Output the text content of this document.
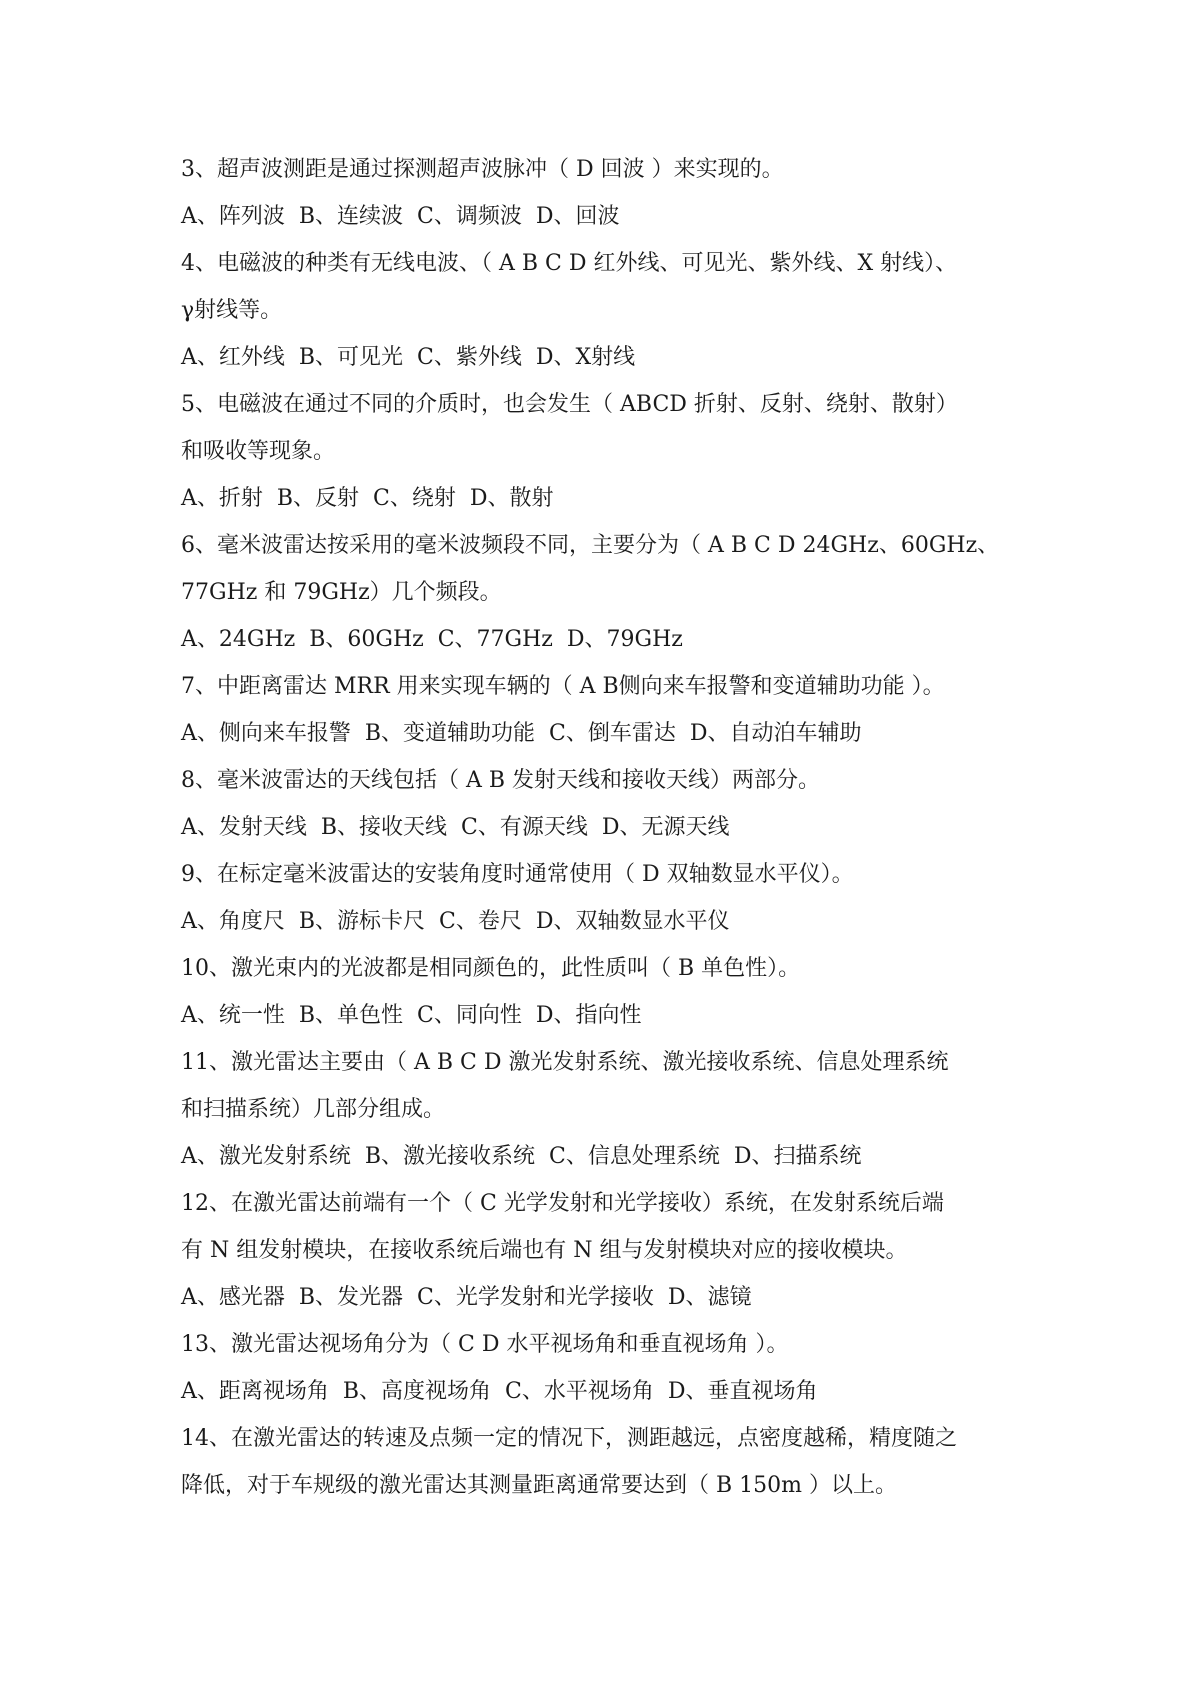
3、超声波测距是通过探测超声波脉冲（ D 回波 ）来实现的。
A、阵列波  B、连续波  C、调频波  D、回波
4、电磁波的种类有无线电波、（ A B C D 红外线、可见光、紫外线、X 射线）、
γ射线等。
A、红外线  B、可见光  C、紫外线  D、X射线
5、电磁波在通过不同的介质时，也会发生（ ABCD 折射、反射、绕射、散射）
和吸收等现象。
A、折射  B、反射  C、绕射  D、散射
6、毫米波雷达按采用的毫米波频段不同，主要分为（ A B C D 24GHz、60GHz、
77GHz 和 79GHz）几个频段。
A、24GHz  B、60GHz  C、77GHz  D、79GHz
7、中距离雷达 MRR 用来实现车辆的（ A B侧向来车报警和变道辅助功能 ）。
A、侧向来车报警  B、变道辅助功能  C、倒车雷达  D、自动泊车辅助
8、毫米波雷达的天线包括（ A B 发射天线和接收天线）两部分。
A、发射天线  B、接收天线  C、有源天线  D、无源天线
9、在标定毫米波雷达的安装角度时通常使用（ D 双轴数显水平仪）。
A、角度尺  B、游标卡尺  C、卷尺  D、双轴数显水平仪
10、激光束内的光波都是相同颜色的，此性质叫（ B 单色性）。
A、统一性  B、单色性  C、同向性  D、指向性
11、激光雷达主要由（ A B C D 激光发射系统、激光接收系统、信息处理系统
和扫描系统）几部分组成。
A、激光发射系统  B、激光接收系统  C、信息处理系统  D、扫描系统
12、在激光雷达前端有一个（ C 光学发射和光学接收）系统，在发射系统后端
有 N 组发射模块，在接收系统后端也有 N 组与发射模块对应的接收模块。
A、感光器  B、发光器  C、光学发射和光学接收  D、滤镜
13、激光雷达视场角分为（ C D 水平视场角和垂直视场角 ）。
A、距离视场角  B、高度视场角  C、水平视场角  D、垂直视场角
14、在激光雷达的转速及点频一定的情况下，测距越远，点密度越稀，精度随之
降低，对于车规级的激光雷达其测量距离通常要达到（ B 150m ）以上。
